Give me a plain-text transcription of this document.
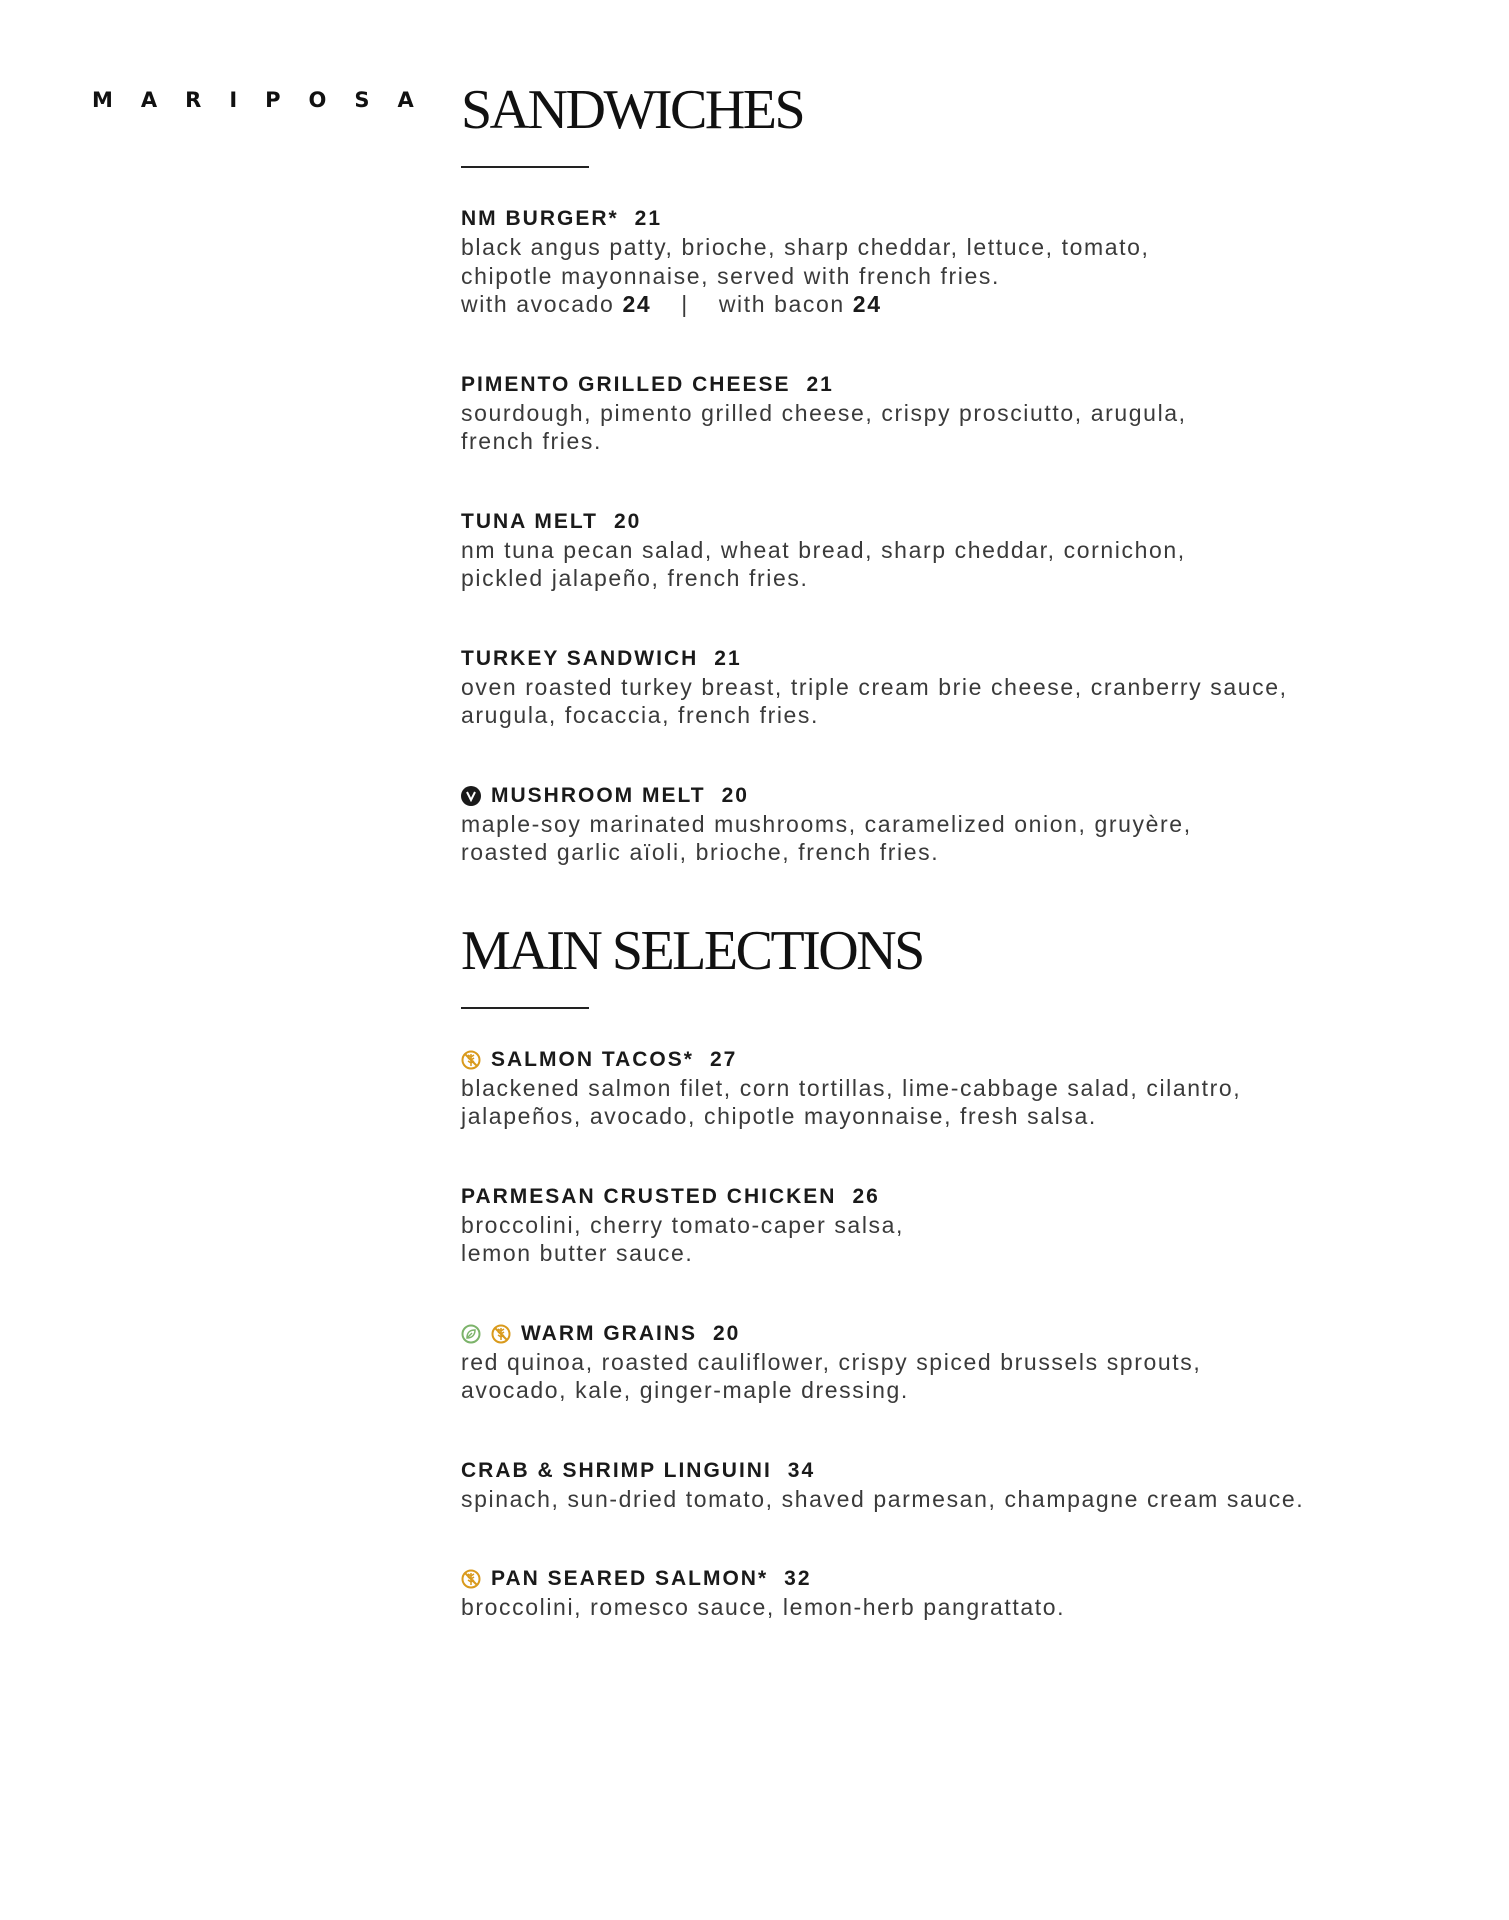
MARIPOSA SANDWICHES
NM BURGER* 21

black angus patty, brioche, sharp cheddar, lettuce, tomato,

chipotle mayonnaise, served with french fries.

with avocado 24 | with bacon 24

PIMENTO GRILLED CHEESE 21

sourdough, pimento grilled cheese, crispy prosciutto, arugula,

french fries.

TUNA MELT 20

nm tuna pecan salad, wheat bread, sharp cheddar, cornichon,

pickled jalapeño, french fries.

TURKEY SANDWICH 21

oven roasted turkey breast, triple cream brie cheese, cranberry sauce,

arugula, focaccia, french fries.

MUSHROOM MELT 20

maple-soy marinated mushrooms, caramelized onion, gruyère,

roasted garlic aïoli, brioche, french fries.

MAIN SELECTIONS
SALMON TACOS* 27

blackened salmon filet, corn tortillas, lime-cabbage salad, cilantro,

jalapeños, avocado, chipotle mayonnaise, fresh salsa.

PARMESAN CRUSTED CHICKEN 26

broccolini, cherry tomato-caper salsa,

lemon butter sauce.

WARM GRAINS 20

red quinoa, roasted cauliflower, crispy spiced brussels sprouts,

avocado, kale, ginger-maple dressing.

CRAB & SHRIMP LINGUINI 34

spinach, sun-dried tomato, shaved parmesan, champagne cream sauce.

PAN SEARED SALMON* 32

broccolini, romesco sauce, lemon-herb pangrattato.
